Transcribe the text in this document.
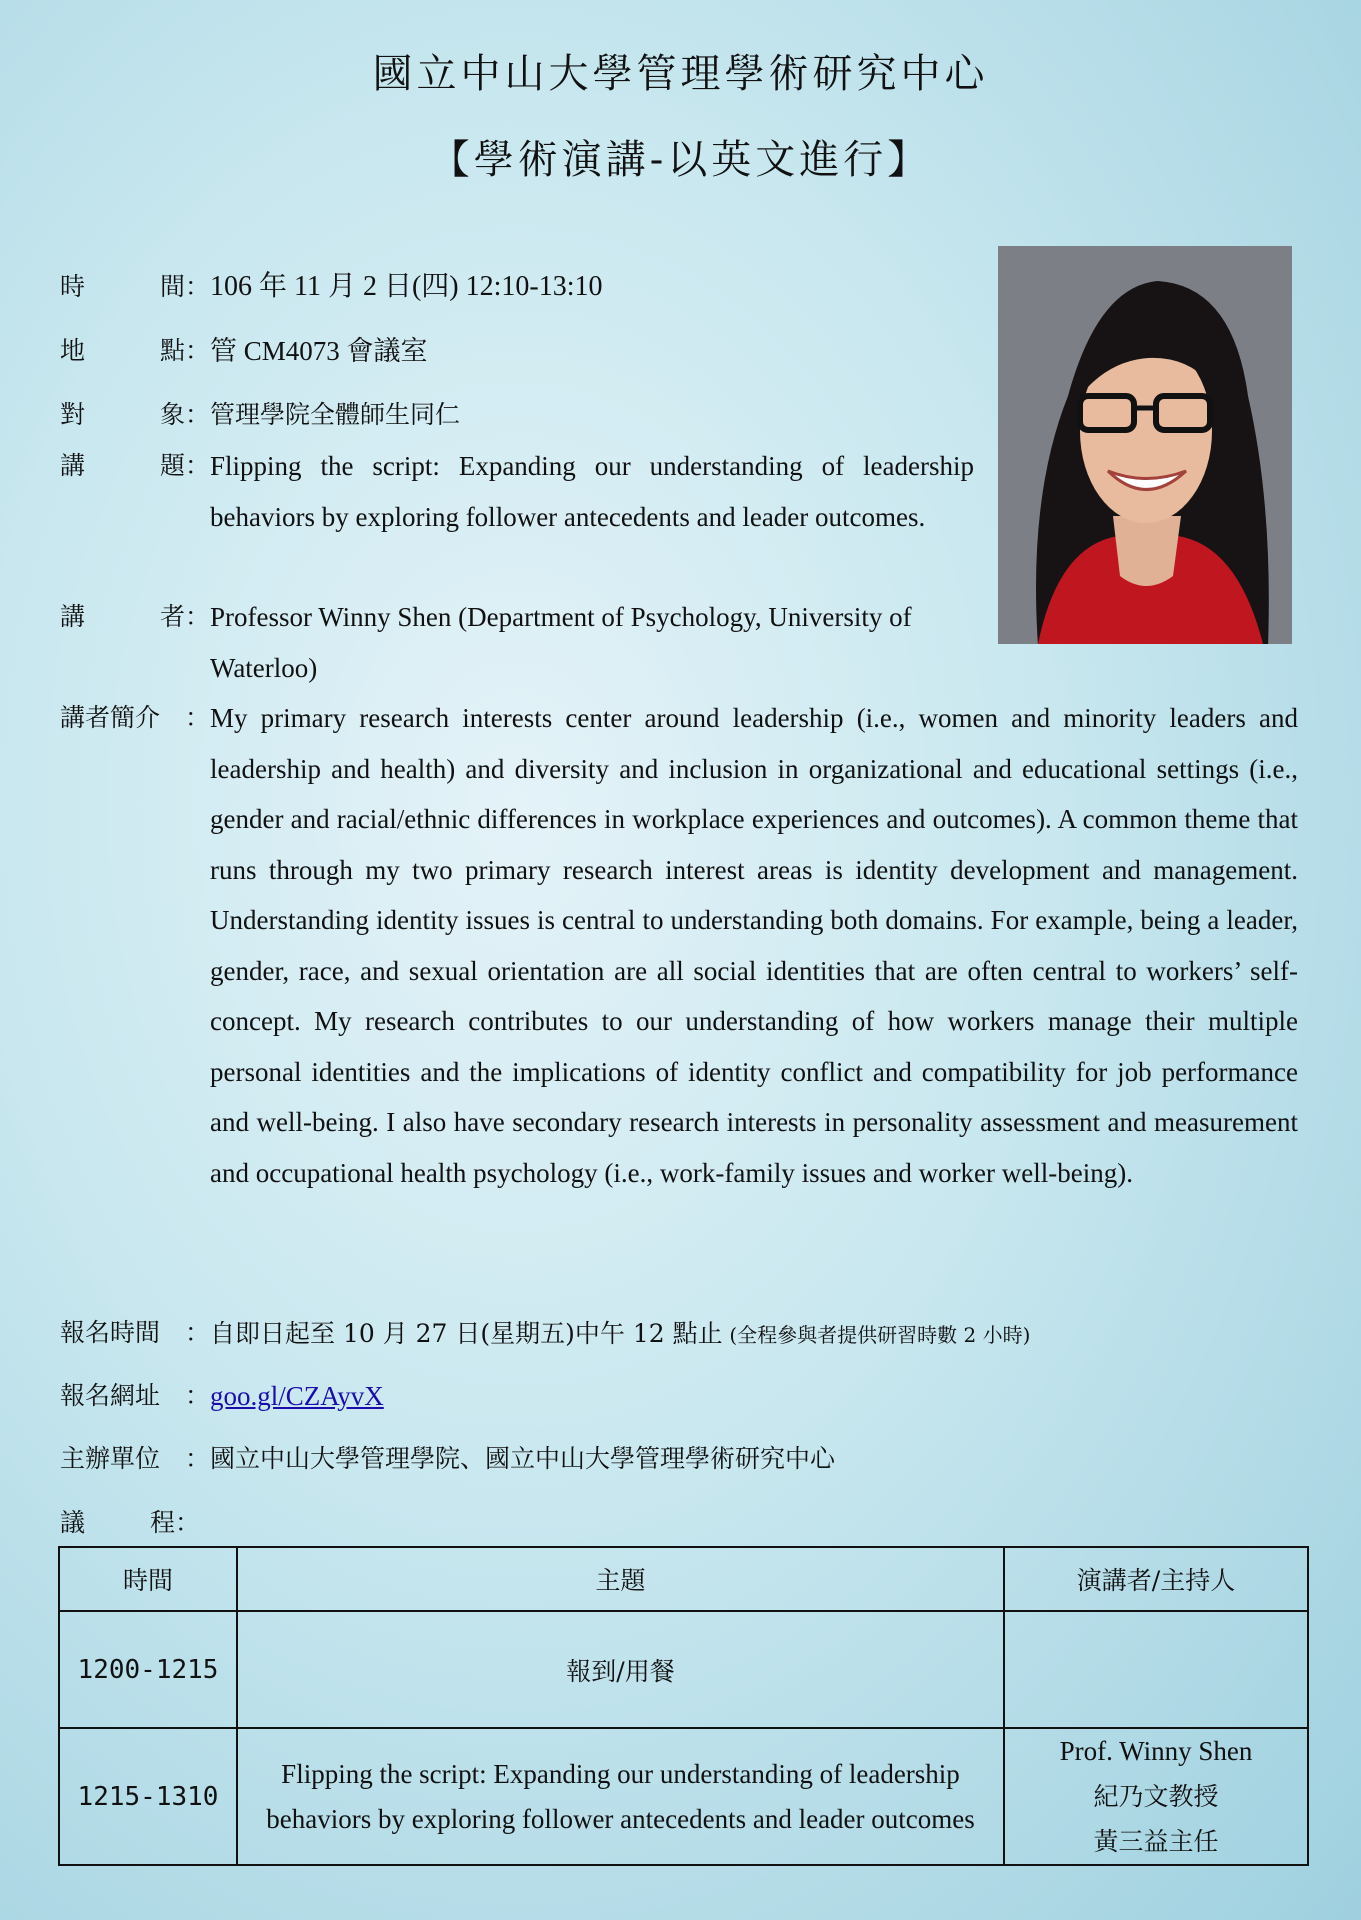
國立中山大學管理學術研究中心
【學術演講-以英文進行】
時	間： 106 年 11 月 2 日(四) 12:10-13:10
地	點： 管 CM4073 會議室
對	象： 管理學院全體師生同仁
講	題： Flipping the script: Expanding our understanding of leadership behaviors by exploring follower antecedents and leader outcomes.
講	者： Professor Winny Shen (Department of Psychology, University of Waterloo)
講者簡介 ： My primary research interests center around leadership (i.e., women and minority leaders and leadership and health) and diversity and inclusion in organizational and educational settings (i.e., gender and racial/ethnic differences in workplace experiences and outcomes). A common theme that runs through my two primary research interest areas is identity development and management. Understanding identity issues is central to understanding both domains. For example, being a leader, gender, race, and sexual orientation are all social identities that are often central to workers’ self-concept. My research contributes to our understanding of how workers manage their multiple personal identities and the implications of identity conflict and compatibility for job performance and well-being. I also have secondary research interests in personality assessment and measurement and occupational health psychology (i.e., work-family issues and worker well-being).
報名時間 ： 自即日起至 10 月 27 日(星期五)中午 12 點止 (全程參與者提供研習時數 2 小時)
報名網址 ： goo.gl/CZAyvX
主辦單位 ： 國立中山大學管理學院、國立中山大學管理學術研究中心
議	程：
時間	主題	演講者/主持人
1200-1215	報到/用餐	
1215-1310	Flipping the script: Expanding our understanding of leadership behaviors by exploring follower antecedents and leader outcomes	Prof. Winny Shen
紀乃文教授
黃三益主任
